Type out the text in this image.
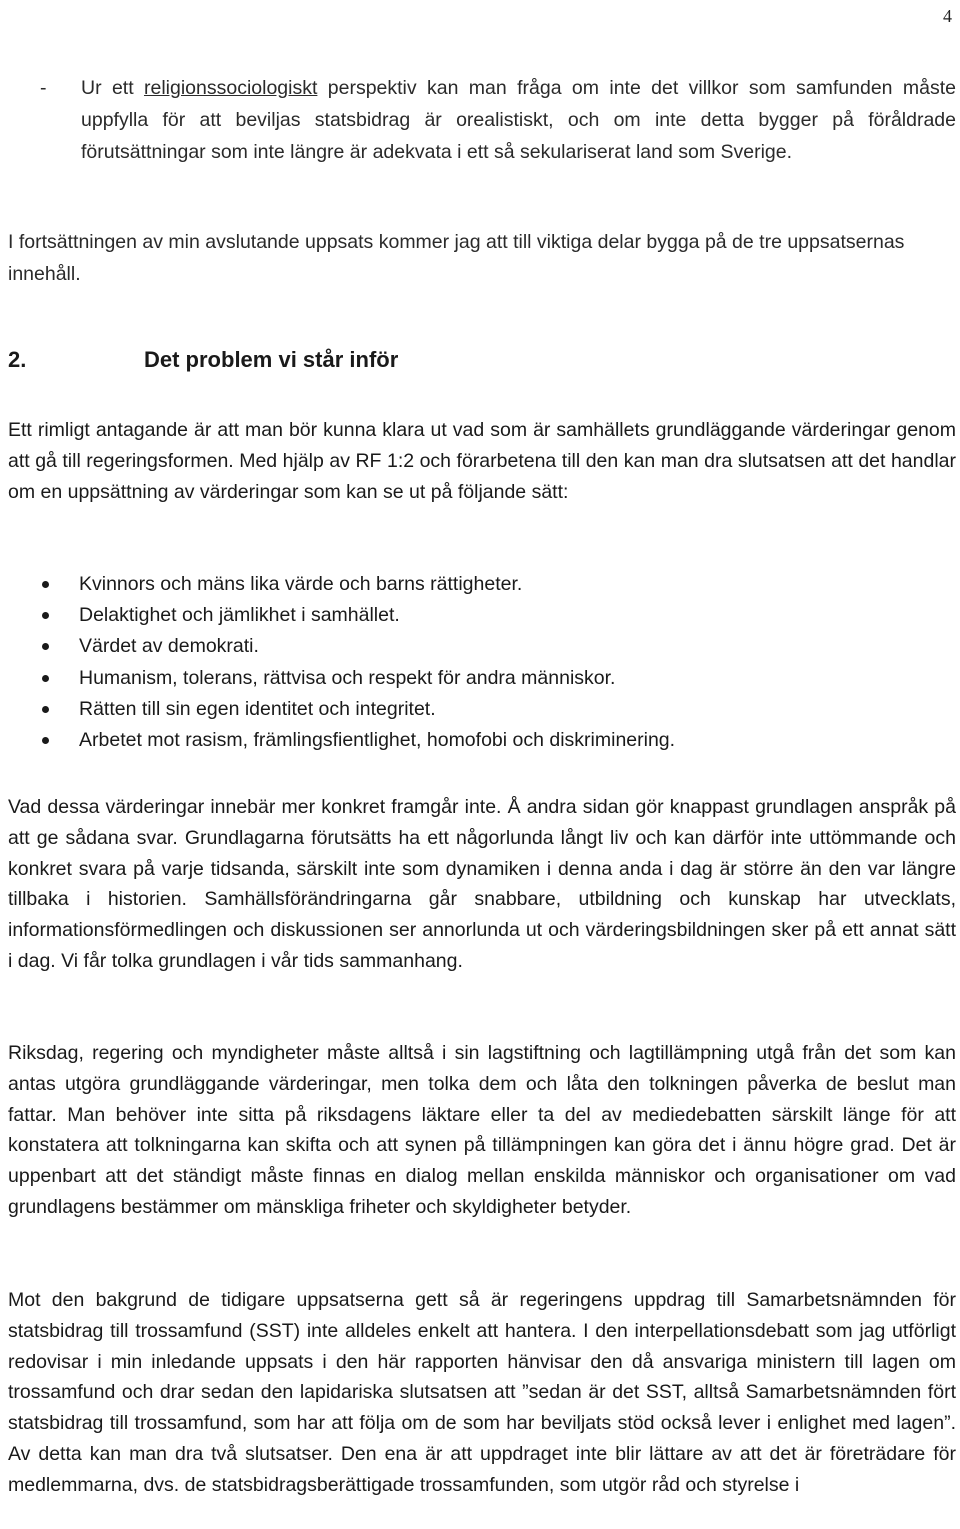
4
- Ur ett religionssociologiskt perspektiv kan man fråga om inte det villkor som samfunden måste uppfylla för att beviljas statsbidrag är orealistiskt, och om inte detta bygger på föråldrade förutsättningar som inte längre är adekvata i ett så sekulariserat land som Sverige.
I fortsättningen av min avslutande uppsats kommer jag att till viktiga delar bygga på de tre uppsatsernas innehåll.
2.	Det problem vi står inför
Ett rimligt antagande är att man bör kunna klara ut vad som är samhällets grundläggande värderingar genom att gå till regeringsformen. Med hjälp av RF 1:2 och förarbetena till den kan man dra slutsatsen att det handlar om en uppsättning av värderingar som kan se ut på följande sätt:
Kvinnors och mäns lika värde och barns rättigheter.
Delaktighet och jämlikhet i samhället.
Värdet av demokrati.
Humanism, tolerans, rättvisa och respekt för andra människor.
Rätten till sin egen identitet och integritet.
Arbetet mot rasism, främlingsfientlighet, homofobi och diskriminering.
Vad dessa värderingar innebär mer konkret framgår inte. Å andra sidan gör knappast grundlagen anspråk på att ge sådana svar. Grundlagarna förutsätts ha ett någorlunda långt liv och kan därför inte uttömmande och konkret svara på varje tidsanda, särskilt inte som dynamiken i denna anda i dag är större än den var längre tillbaka i historien. Samhällsförändringarna går snabbare, utbildning och kunskap har utvecklats, informationsförmedlingen och diskussionen ser annorlunda ut och värderingsbildningen sker på ett annat sätt i dag. Vi får tolka grundlagen i vår tids sammanhang.
Riksdag, regering och myndigheter måste alltså i sin lagstiftning och lagtillämpning utgå från det som kan antas utgöra grundläggande värderingar, men tolka dem och låta den tolkningen påverka de beslut man fattar. Man behöver inte sitta på riksdagens läktare eller ta del av mediedebatten särskilt länge för att konstatera att tolkningarna kan skifta och att synen på tillämpningen kan göra det i ännu högre grad. Det är uppenbart att det ständigt måste finnas en dialog mellan enskilda människor och organisationer om vad grundlagens bestämmer om mänskliga friheter och skyldigheter betyder.
Mot den bakgrund de tidigare uppsatserna gett så är regeringens uppdrag till Samarbetsnämnden för statsbidrag till trossamfund (SST) inte alldeles enkelt att hantera. I den interpellationsdebatt som jag utförligt redovisar i min inledande uppsats i den här rapporten hänvisar den då ansvariga ministern till lagen om trossamfund och drar sedan den lapidariska slutsatsen att ”sedan är det SST, alltså Samarbetsnämnden fört statsbidrag till trossamfund, som har att följa om de som har beviljats stöd också lever i enlighet med lagen”. Av detta kan man dra två slutsatser. Den ena är att uppdraget inte blir lättare av att det är företrädare för medlemmarna, dvs. de statsbidragsberättigade trossamfunden, som utgör råd och styrelse i
